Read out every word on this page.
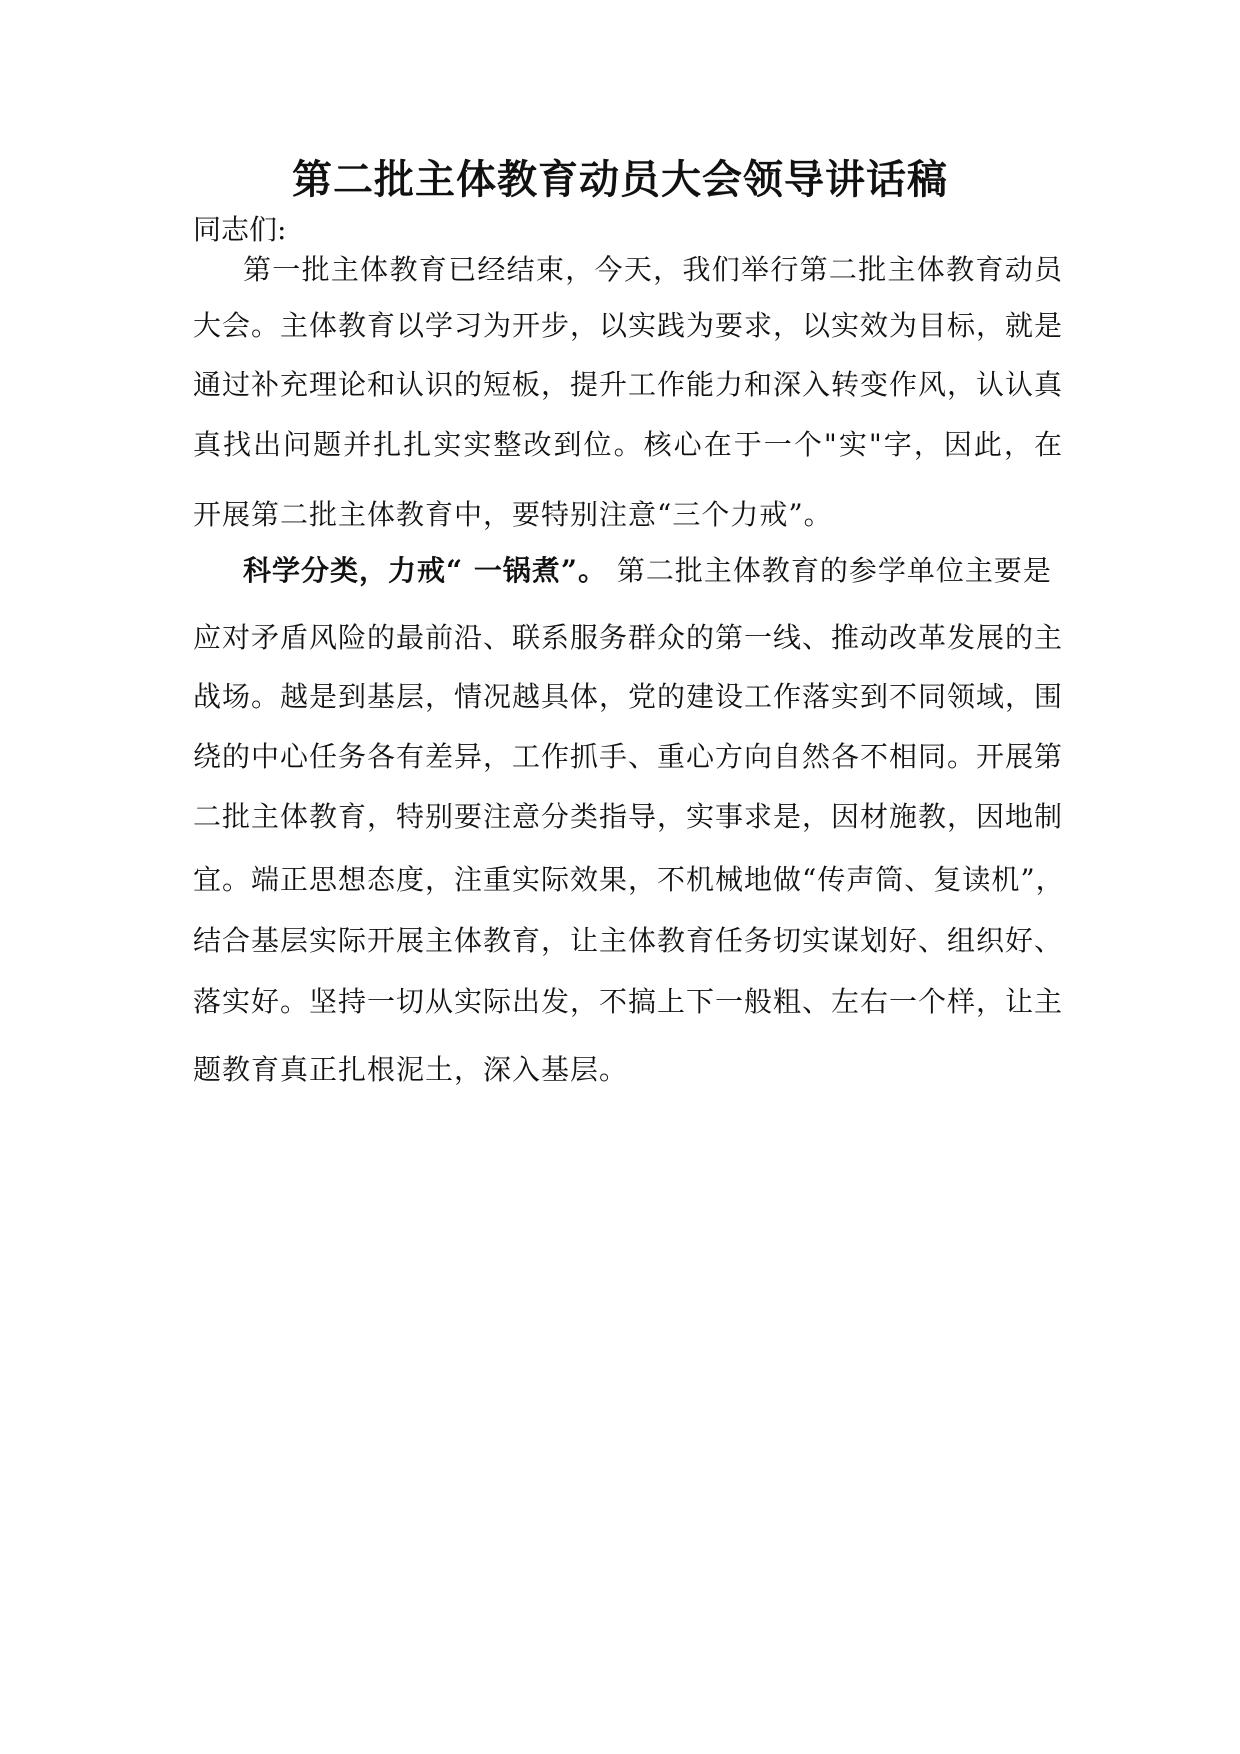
第二批主体教育动员大会领导讲话稿
同志们:
第一批主体教育已经结束，今天，我们举行第二批主体教育动员
大会。主体教育以学习为开步，以实践为要求，以实效为目标，就是
通过补充理论和认识的短板，提升工作能力和深入转变作风，认认真
真找出问题并扎扎实实整改到位。核心在于一个"实"字，因此，在
开展第二批主体教育中，要特别注意“三个力戒”。
科学分类，力戒“ 一锅煮”。 第二批主体教育的参学单位主要是
应对矛盾风险的最前沿、联系服务群众的第一线、推动改革发展的主
战场。越是到基层，情况越具体，党的建设工作落实到不同领域，围
绕的中心任务各有差异，工作抓手、重心方向自然各不相同。开展第
二批主体教育，特别要注意分类指导，实事求是，因材施教，因地制
宜。端正思想态度，注重实际效果，不机械地做“传声筒、复读机”，
结合基层实际开展主体教育，让主体教育任务切实谋划好、组织好、
落实好。坚持一切从实际出发，不搞上下一般粗、左右一个样，让主
题教育真正扎根泥土，深入基层。
